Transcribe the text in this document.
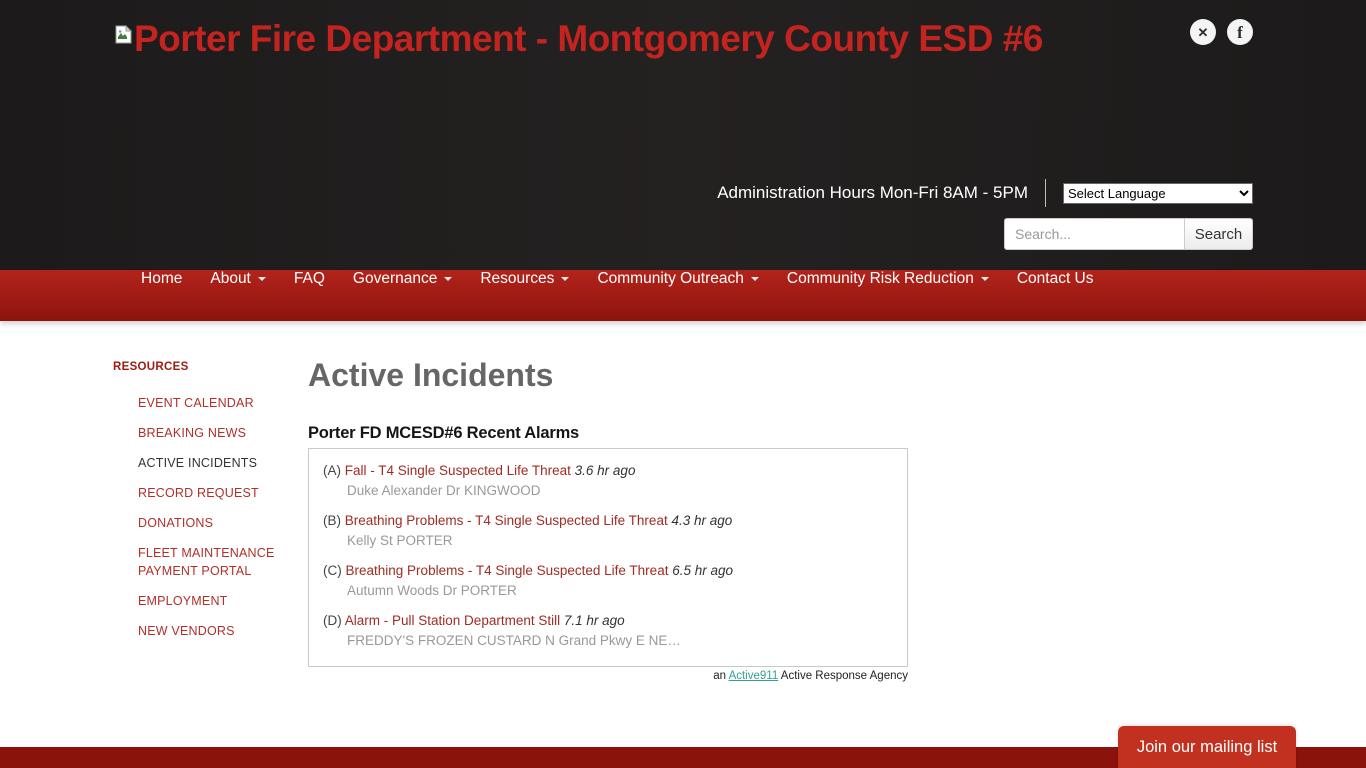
Porter Fire Department - Montgomery County ESD #6	✕ f
Administration Hours Mon-Fri 8AM - 5PM
Select Language
Search...
Search
Home About	FAQ Governance	Resources	Community Outreach	Community Risk Reduction	Contact Us
RESOURCES
EVENT CALENDAR
BREAKING NEWS
ACTIVE INCIDENTS
RECORD REQUEST
DONATIONS
FLEET MAINTENANCE PAYMENT PORTAL
EMPLOYMENT
NEW VENDORS
Active Incidents
Porter FD MCESD#6 Recent Alarms
(A) Fall - T4 Single Suspected Life Threat 3.6 hr ago
Duke Alexander Dr KINGWOOD
(B) Breathing Problems - T4 Single Suspected Life Threat 4.3 hr ago
Kelly St PORTER
(C) Breathing Problems - T4 Single Suspected Life Threat 6.5 hr ago
Autumn Woods Dr PORTER
(D) Alarm - Pull Station Department Still 7.1 hr ago
FREDDY'S FROZEN CUSTARD N Grand Pkwy E NE…
an Active911 Active Response Agency
Join our mailing list
